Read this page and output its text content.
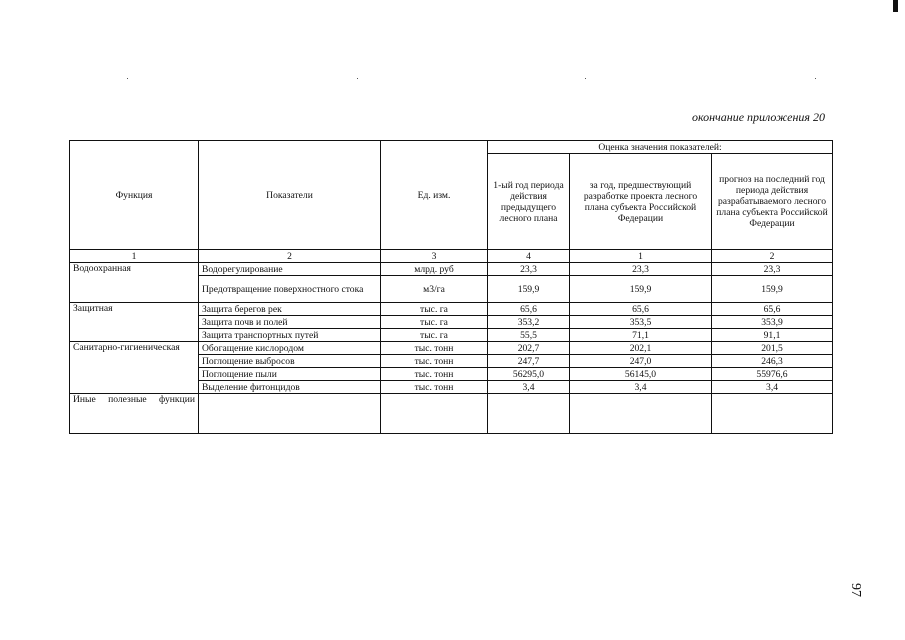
окончание приложения 20
Функция	Показатели	Ед. изм.	Оценка значения показателей:		
			1-ый год периода действия предыдущего лесного плана	за год, предшествующий разработке проекта лесного плана субъекта Российской Федерации	прогноз на последний год периода действия разрабатываемого лесного плана субъекта Российской Федерации
1	2	3	4	1	2
Водоохранная	Водорегулирование	млрд. руб	23,3	23,3	23,3
	Предотвращение поверхностного стока	м3/га	159,9	159,9	159,9
Защитная	Защита берегов рек	тыс. га	65,6	65,6	65,6
	Защита почв и полей	тыс. га	353,2	353,5	353,9
	Защита транспортных путей	тыс. га	55,5	71,1	91,1
Санитарно-гигиеническая	Обогащение кислородом	тыс. тонн	202,7	202,1	201,5
	Поглощение выбросов	тыс. тонн	247,7	247,0	246,3
	Поглощение пыли	тыс. тонн	56295,0	56145,0	55976,6
	Выделение фитонцидов	тыс. тонн	3,4	3,4	3,4
Иные полезные функции					
97
